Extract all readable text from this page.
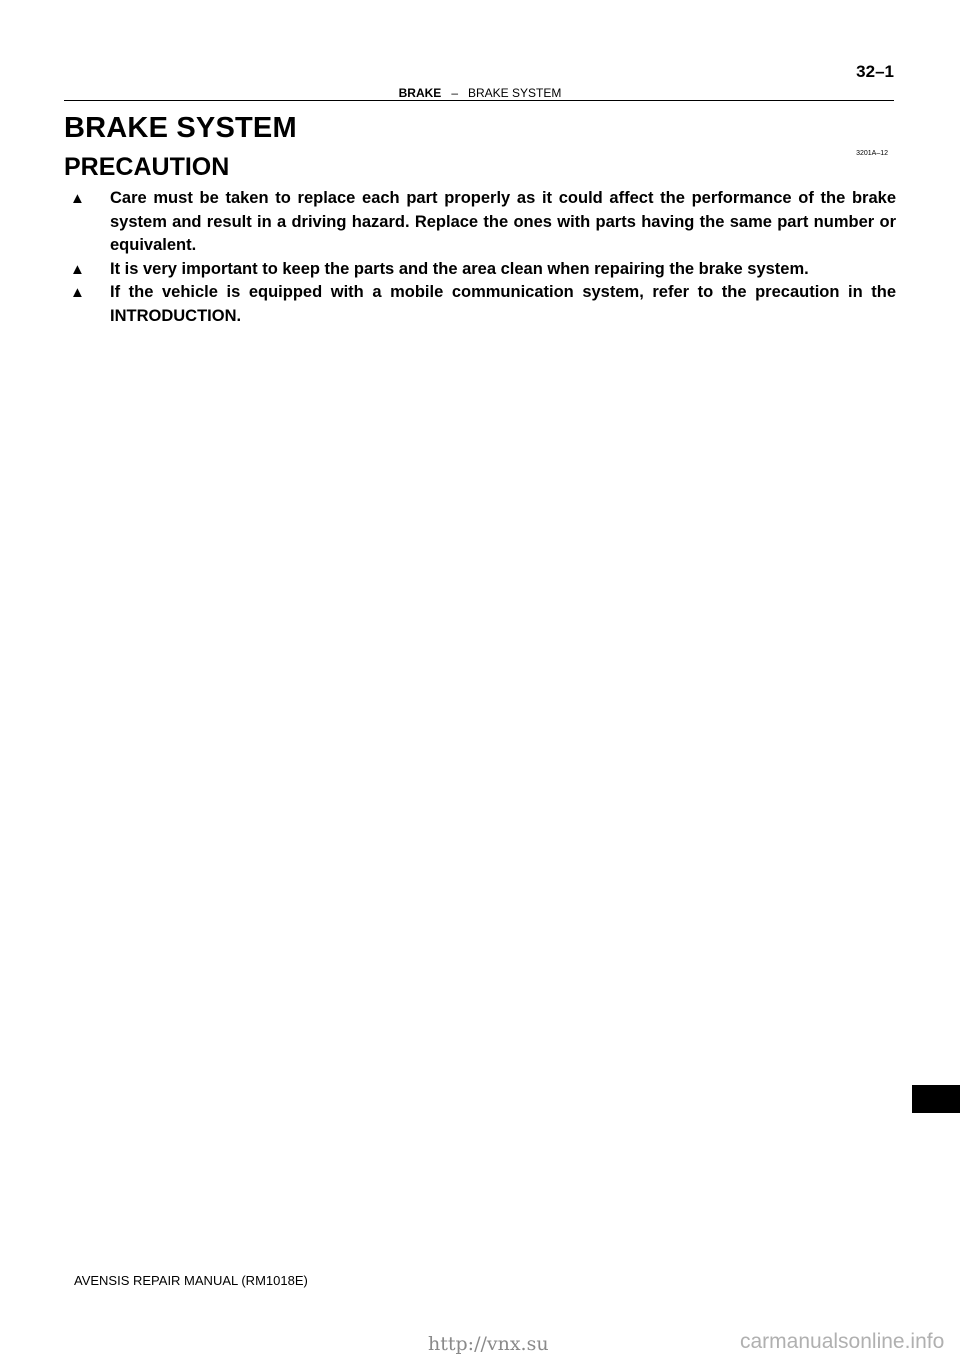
32–1
BRAKE – BRAKE SYSTEM
BRAKE SYSTEM
3201A–12
PRECAUTION
▲ Care must be taken to replace each part properly as it could affect the performance of the brake system and result in a driving hazard. Replace the ones with parts having the same part number or equivalent.
▲ It is very important to keep the parts and the area clean when repairing the brake system.
▲ If the vehicle is equipped with a mobile communication system, refer to the precaution in the INTRODUCTION.
AVENSIS REPAIR MANUAL (RM1018E)
http://vnx.su	carmanualsonline.info
